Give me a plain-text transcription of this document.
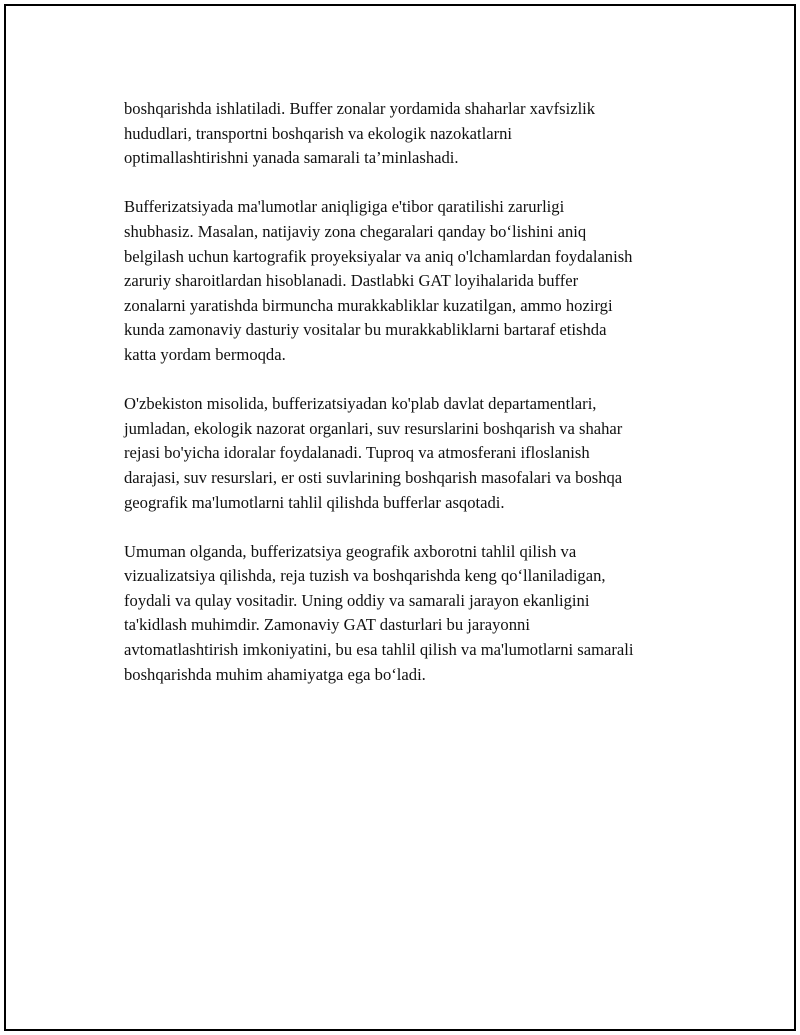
boshqarishda ishlatiladi. Buffer zonalar yordamida shaharlar xavfsizlik
hududlari, transportni boshqarish va ekologik nazokatlarni
optimallashtirishni yanada samarali ta’minlashadi.

Bufferizatsiyada ma'lumotlar aniqligiga e'tibor qaratilishi zarurligi
shubhasiz. Masalan, natijaviy zona chegaralari qanday bo‘lishini aniq
belgilash uchun kartografik proyeksiyalar va aniq o'lchamlardan foydalanish
zaruriy sharoitlardan hisoblanadi. Dastlabki GAT loyihalarida buffer
zonalarni yaratishda birmuncha murakkabliklar kuzatilgan, ammo hozirgi
kunda zamonaviy dasturiy vositalar bu murakkabliklarni bartaraf etishda
katta yordam bermoqda.

O'zbekiston misolida, bufferizatsiyadan ko'plab davlat departamentlari,
jumladan, ekologik nazorat organlari, suv resurslarini boshqarish va shahar
rejasi bo'yicha idoralar foydalanadi. Tuproq va atmosferani ifloslanish
darajasi, suv resurslari, er osti suvlarining boshqarish masofalari va boshqa
geografik ma'lumotlarni tahlil qilishda bufferlar asqotadi.

Umuman olganda, bufferizatsiya geografik axborotni tahlil qilish va
vizualizatsiya qilishda, reja tuzish va boshqarishda keng qo‘llaniladigan,
foydali va qulay vositadir. Uning oddiy va samarali jarayon ekanligini
ta'kidlash muhimdir. Zamonaviy GAT dasturlari bu jarayonni
avtomatlashtirish imkoniyatini, bu esa tahlil qilish va ma'lumotlarni samarali
boshqarishda muhim ahamiyatga ega bo‘ladi.
